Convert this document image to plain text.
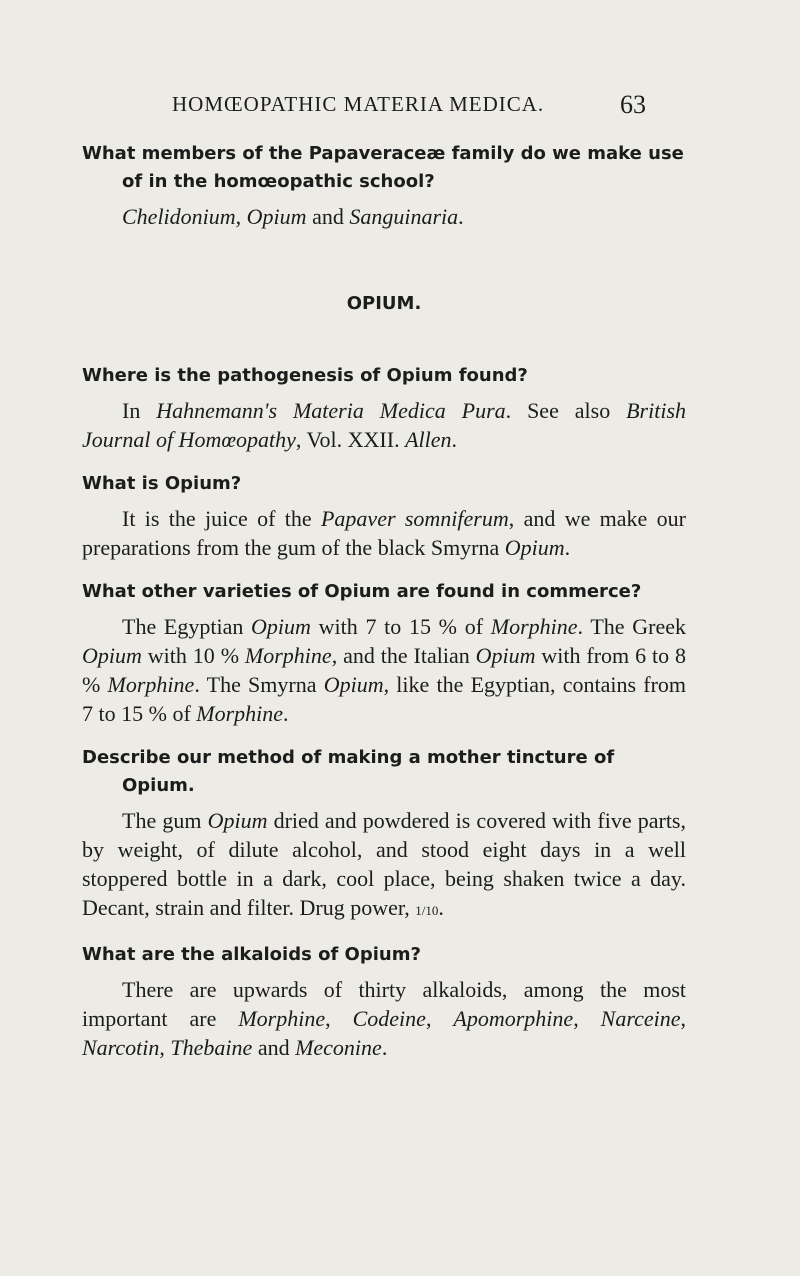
HOMŒOPATHIC MATERIA MEDICA.	63

What members of the Papaveraceæ family do we make use of in the homœopathic school?

Chelidonium, Opium and Sanguinaria.

OPIUM.

Where is the pathogenesis of Opium found?

In Hahnemann's Materia Medica Pura. See also British Journal of Homœopathy, Vol. XXII. Allen.

What is Opium?

It is the juice of the Papaver somniferum, and we make our preparations from the gum of the black Smyrna Opium.

What other varieties of Opium are found in commerce?

The Egyptian Opium with 7 to 15 % of Morphine. The Greek Opium with 10 % Morphine, and the Italian Opium with from 6 to 8 % Morphine. The Smyrna Opium, like the Egyptian, contains from 7 to 15 % of Morphine.

Describe our method of making a mother tincture of Opium.

The gum Opium dried and powdered is covered with five parts, by weight, of dilute alcohol, and stood eight days in a well stoppered bottle in a dark, cool place, being shaken twice a day. Decant, strain and filter. Drug power, 1/10.

What are the alkaloids of Opium?

There are upwards of thirty alkaloids, among the most important are Morphine, Codeine, Apomorphine, Narceine, Narcotin, Thebaine and Meconine.
